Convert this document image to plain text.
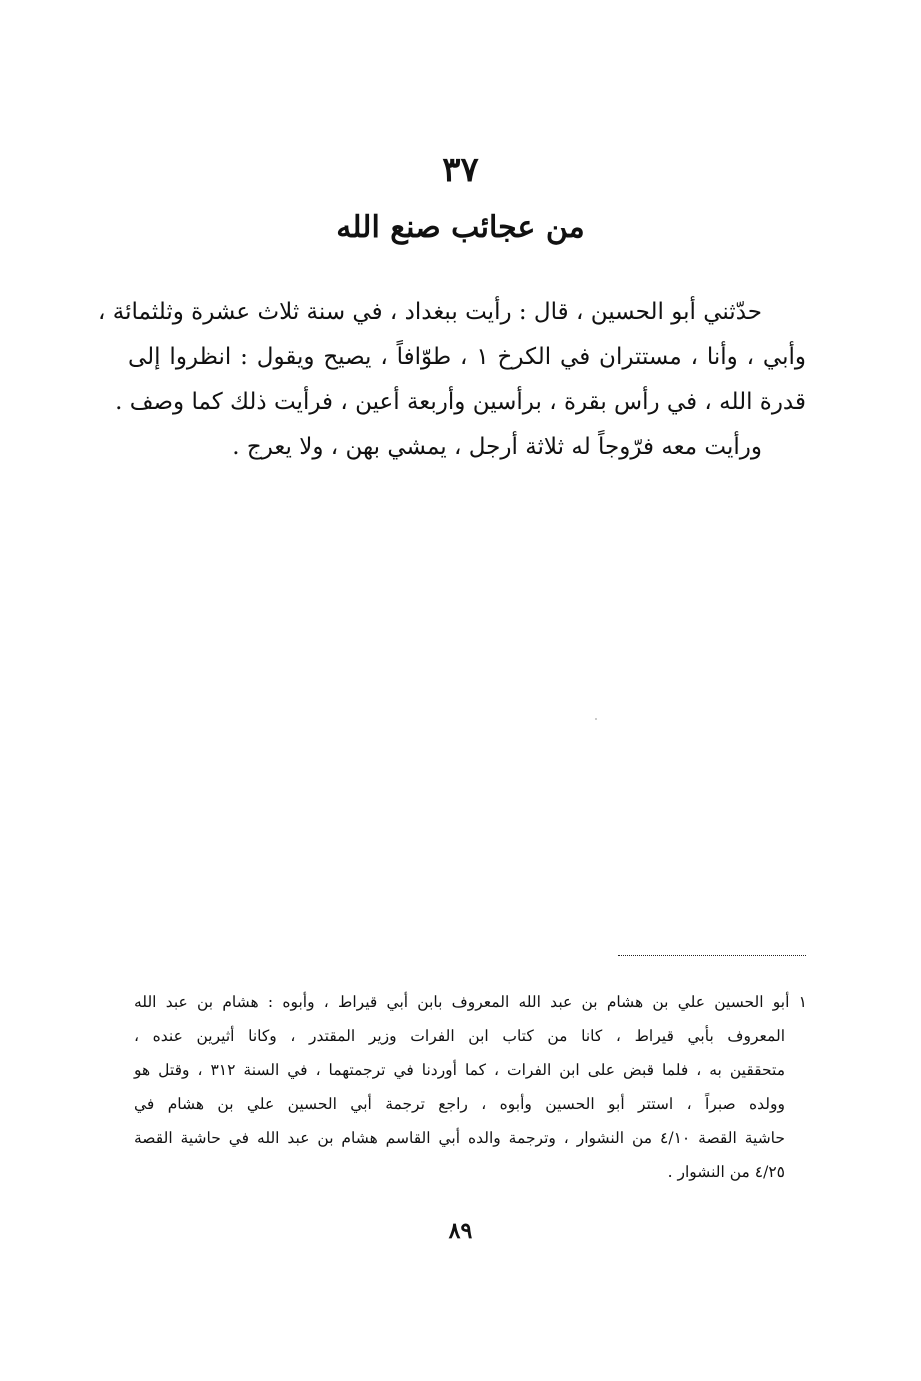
٣٧
من عجائب صنع الله
حدّثني أبو الحسين ، قال : رأيت ببغداد ، في سنة ثلاث عشرة وثلثمائة ،
وأبي ، وأنا ، مستتران في الكرخ ١ ، طوّافاً ، يصيح ويقول : انظروا إلى
قدرة الله ، في رأس بقرة ، برأسين وأربعة أعين ، فرأيت ذلك كما وصف .
ورأيت معه فرّوجاً له ثلاثة أرجل ، يمشي بهن ، ولا يعرج .
١ أبو الحسين علي بن هشام بن عبد الله المعروف بابن أبي قيراط ، وأبوه : هشام بن عبد الله
المعروف بأبي قيراط ، كانا من كتاب ابن الفرات وزير المقتدر ، وكانا أثيرين عنده ،
متحققين به ، فلما قبض على ابن الفرات ، كما أوردنا في ترجمتهما ، في السنة ٣١٢ ، وقتل هو
وولده صبراً ، استتر أبو الحسين وأبوه ، راجع ترجمة أبي الحسين علي بن هشام في
حاشية القصة ٤/١٠ من النشوار ، وترجمة والده أبي القاسم هشام بن عبد الله في حاشية القصة
٤/٢٥ من النشوار .
٨٩
